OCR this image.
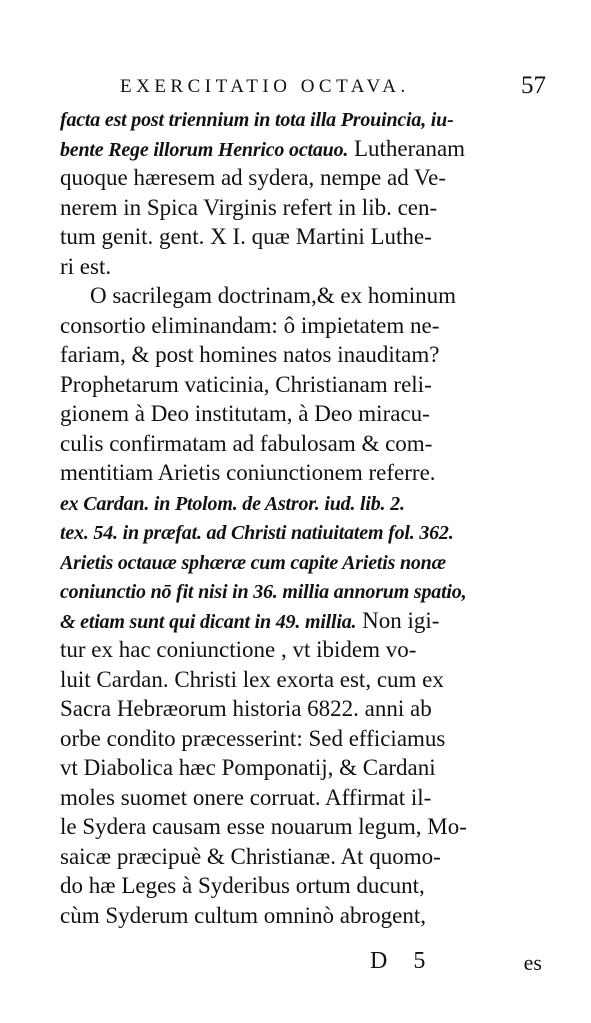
EXERCITATIO OCTAVA.	57
facta est post triennium in tota illa Prouincia, iu-
bente Rege illorum Henrico octauo. Lutheranam
quoque hæresem ad sydera, nempe ad Ve-
nerem in Spica Virginis refert in lib. cen-
tum genit. gent. X I. quæ Martini Luthe-
ri est.
O sacrilegam doctrinam,& ex hominum
consortio eliminandam: ô impietatem ne-
fariam, & post homines natos inauditam?
Prophetarum vaticinia, Christianam reli-
gionem à Deo institutam, à Deo miracu-
culis confirmatam ad fabulosam & com-
mentitiam Arietis coniunctionem referre.
ex Cardan. in Ptolom. de Astror. iud. lib. 2.
tex. 54. in præfat. ad Christi natiuitatem fol. 362.
Arietis octauæ sphæræ cum capite Arietis nonæ
coniunctio nō fit nisi in 36. millia annorum spatio,
& etiam sunt qui dicant in 49. millia. Non igi-
tur ex hac coniunctione , vt ibidem vo-
luit Cardan. Christi lex exorta est, cum ex
Sacra Hebræorum historia 6822. anni ab
orbe condito præcesserint: Sed efficiamus
vt Diabolica hæc Pomponatij, & Cardani
moles suomet onere corruat. Affirmat il-
le Sydera causam esse nouarum legum, Mo-
saicæ præcipuè & Christianæ. At quomo-
do hæ Leges à Syderibus ortum ducunt,
cùm Syderum cultum omninò abrogent,
D 5	es
